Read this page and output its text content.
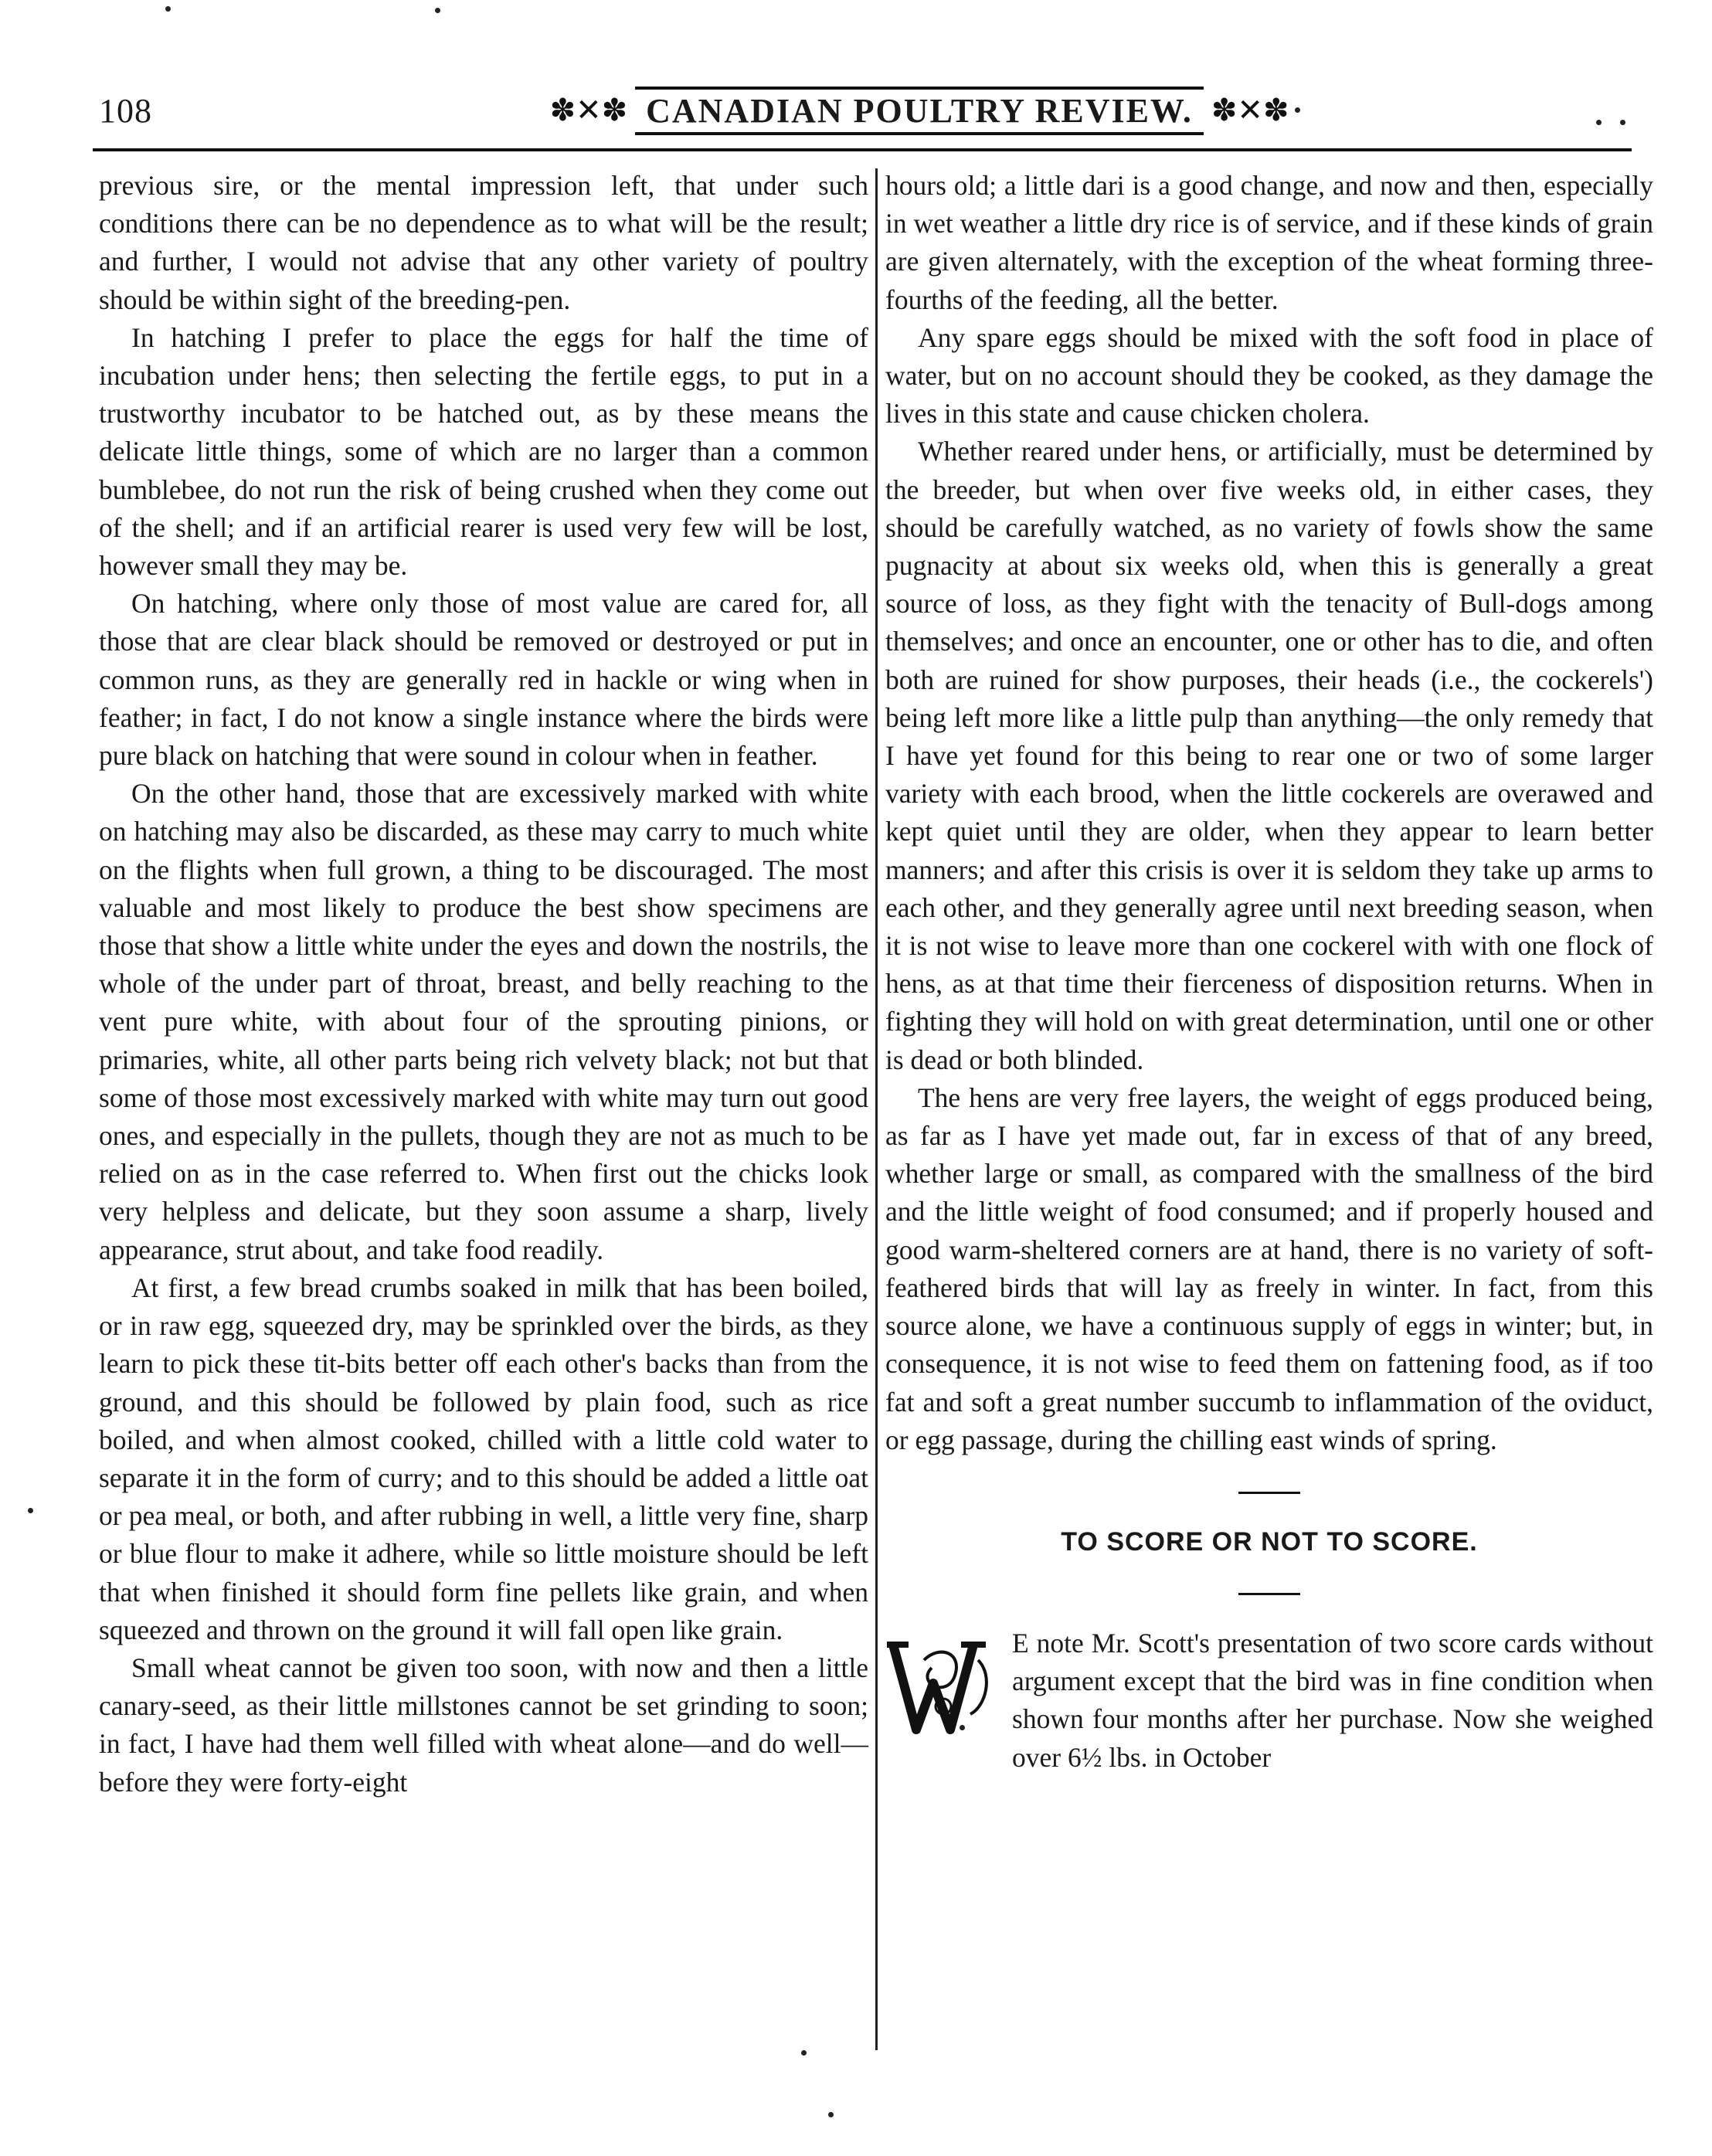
108	✽✕✽ CANADIAN POULTRY REVIEW. ✽✕✽

previous sire, or the mental impression left, that under such conditions there can be no dependence as to what will be the result; and further, I would not advise that any other variety of poultry should be within sight of the breeding-pen.

In hatching I prefer to place the eggs for half the time of incubation under hens; then selecting the fertile eggs, to put in a trustworthy incubator to be hatched out, as by these means the delicate little things, some of which are no larger than a common bumblebee, do not run the risk of being crushed when they come out of the shell; and if an artificial rearer is used very few will be lost, however small they may be.

On hatching, where only those of most value are cared for, all those that are clear black should be removed or destroyed or put in common runs, as they are generally red in hackle or wing when in feather; in fact, I do not know a single instance where the birds were pure black on hatching that were sound in colour when in feather.

On the other hand, those that are excessively marked with white on hatching may also be discarded, as these may carry to much white on the flights when full grown, a thing to be discouraged. The most valuable and most likely to produce the best show specimens are those that show a little white under the eyes and down the nostrils, the whole of the under part of throat, breast, and belly reaching to the vent pure white, with about four of the sprouting pinions, or primaries, white, all other parts being rich velvety black; not but that some of those most excessively marked with white may turn out good ones, and especially in the pullets, though they are not as much to be relied on as in the case referred to. When first out the chicks look very helpless and delicate, but they soon assume a sharp, lively appearance, strut about, and take food readily.

At first, a few bread crumbs soaked in milk that has been boiled, or in raw egg, squeezed dry, may be sprinkled over the birds, as they learn to pick these tit-bits better off each other's backs than from the ground, and this should be followed by plain food, such as rice boiled, and when almost cooked, chilled with a little cold water to separate it in the form of curry; and to this should be added a little oat or pea meal, or both, and after rubbing in well, a little very fine, sharp or blue flour to make it adhere, while so little moisture should be left that when finished it should form fine pellets like grain, and when squeezed and thrown on the ground it will fall open like grain.

Small wheat cannot be given too soon, with now and then a little canary-seed, as their little millstones cannot be set grinding to soon; in fact, I have had them well filled with wheat alone—and do well—before they were forty-eight

hours old; a little dari is a good change, and now and then, especially in wet weather a little dry rice is of service, and if these kinds of grain are given alternately, with the exception of the wheat forming three-fourths of the feeding, all the better.

Any spare eggs should be mixed with the soft food in place of water, but on no account should they be cooked, as they damage the lives in this state and cause chicken cholera.

Whether reared under hens, or artificially, must be determined by the breeder, but when over five weeks old, in either cases, they should be carefully watched, as no variety of fowls show the same pugnacity at about six weeks old, when this is generally a great source of loss, as they fight with the tenacity of Bull-dogs among themselves; and once an encounter, one or other has to die, and often both are ruined for show purposes, their heads (i.e., the cockerels') being left more like a little pulp than anything—the only remedy that I have yet found for this being to rear one or two of some larger variety with each brood, when the little cockerels are overawed and kept quiet until they are older, when they appear to learn better manners; and after this crisis is over it is seldom they take up arms to each other, and they generally agree until next breeding season, when it is not wise to leave more than one cockerel with with one flock of hens, as at that time their fierceness of disposition returns. When in fighting they will hold on with great determination, until one or other is dead or both blinded.

The hens are very free layers, the weight of eggs produced being, as far as I have yet made out, far in excess of that of any breed, whether large or small, as compared with the smallness of the bird and the little weight of food consumed; and if properly housed and good warm-sheltered corners are at hand, there is no variety of soft-feathered birds that will lay as freely in winter. In fact, from this source alone, we have a continuous supply of eggs in winter; but, in consequence, it is not wise to feed them on fattening food, as if too fat and soft a great number succumb to inflammation of the oviduct, or egg passage, during the chilling east winds of spring.

TO SCORE OR NOT TO SCORE.

E note Mr. Scott's presentation of two score cards without argument except that the bird was in fine condition when shown four months after her purchase. Now she weighed over 6½ lbs. in October
